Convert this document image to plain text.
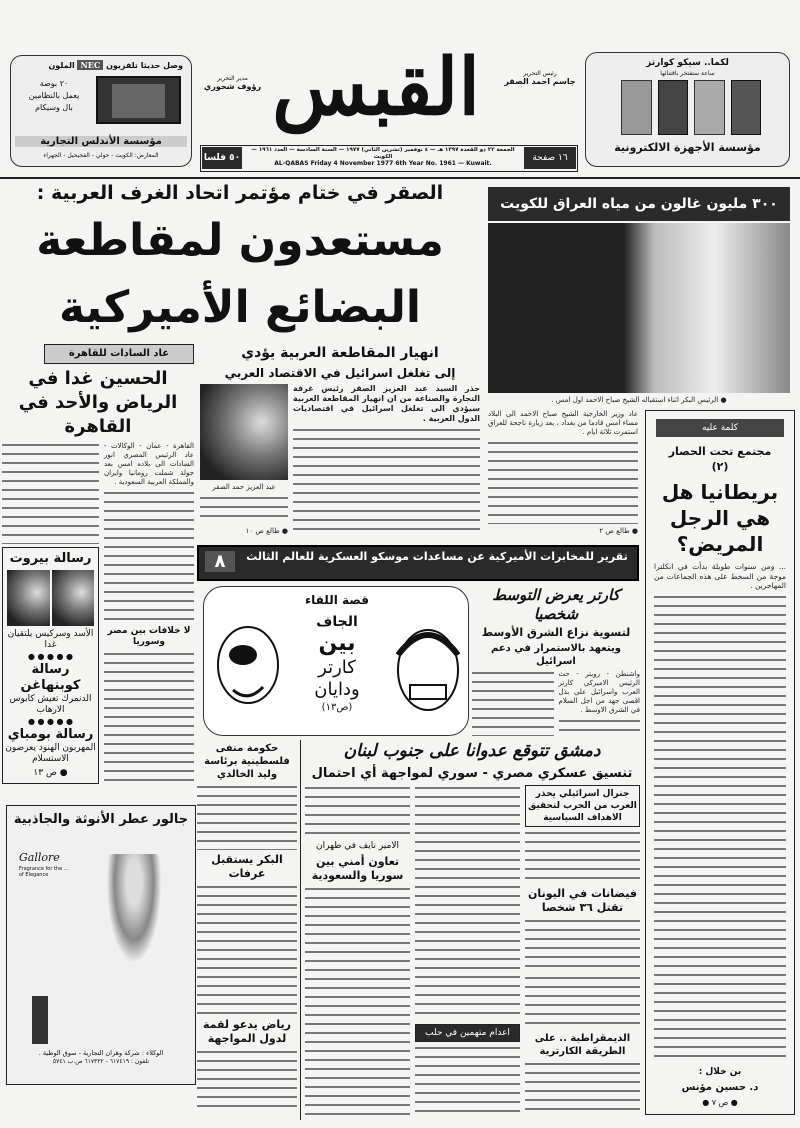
وصل حديثا تلفزيون NEC الملون
٢٠ بوصة
يعمل بالنظامين
بال وسيكام
مؤسسة الأندلس التجارية
المعارض: الكويت - حولي - الفحيحيل - الجهراء
القبس	رئيس التحرير
جاسم احمد الصقر
مدير التحرير
رؤوف شحوري
١٦ صفحة
٥٠ فلسا
الجمعة ٢٢ ذو القعدة ١٣٩٧ هـ — ٤ نوفمبر (تشرين الثاني) ١٩٧٧ — السنة السادسة — العدد ١٩٦١ — الكويت
AL-QABAS Friday 4 November 1977 6th Year No. 1961 — Kuwait.
لكما.. سيكو كوارتز
ساعة ستفتخر باقتنائها
مؤسسة الأجهزة الالكترونية
الصقر في ختام مؤتمر اتحاد الغرف العربية :
مستعدون لمقاطعة
البضائع الأميركية
انهيار المقاطعة العربية يؤدي
إلى تغلغل اسرائيل في الاقتصاد العربي
حذر السيد عبد العزيز الصقر رئيس غرفة التجارة والصناعة من ان انهيار المقاطعة العربية سيؤدي الى تغلغل اسرائيل في اقتصاديات الدول العربية .
عبد العزيز حمد الصقر
● طالع ص ١٠
٣٠٠ مليون غالون من مياه العراق للكويت
● الرئيس البكر اثناء استقباله الشيخ صباح الاحمد اول امس .
عاد وزير الخارجية الشيخ صباح الاحمد الى البلاد مساء امس قادما من بغداد ، بعد زيارة ناجحة للعراق استمرت ثلاثة ايام .
● طالع ص ٢
عاد السادات للقاهرة
الحسين غدا في الرياض والأحد في القاهرة
القاهرة - عمان - الوكالات - عاد الرئيس المصري انور السادات الى بلاده امس بعد جولة شملت رومانيا وايران والمملكة العربية السعودية .
لا خلافات بين مصر وسوريا
رسالة بيروت
الأسد وسركيس يلتقيان غدا
● ● ● ● ●
رسالة كوبنهاغن
الدنمرك تعيش كابوس الارهاب
● ● ● ● ●
رسالة بومباي
المهربون الهنود يعرضون الاستسلام
● ص ١٣
جالور عطر الأنوثة والجاذبية
Gallore
Fragrance for the ... of Elegance
الوكلاء : شركة وهران التجارية - سوق الوطية .
تلفون : ٦١٧٤١٩ - ٦١٧٣٣٢ ص.ب ٥٧٤١
تقرير للمخابرات الأميركية عن مساعدات موسكو العسكرية للعالم الثالث
٨
قصة اللقاء
الجاف
بين
كارتر
ودايان
(ص١٣)
كارتر يعرض التوسط شخصيا
لتسوية نزاع الشرق الأوسط
ويتعهد بالاستمرار في دعم اسرائيل
واشنطن - رويتر - حث الرئيس الاميركي كارتر العرب واسرائيل على بذل اقصى جهد من اجل السلام في الشرق الاوسط .
حكومة منفى فلسطينية برئاسة وليد الخالدي
البكر يستقبل عرفات
رياض يدعو لقمة لدول المواجهة
دمشق تتوقع عدوانا على جنوب لبنان
تنسيق عسكري مصري - سوري لمواجهة أي احتمال
جنرال اسرائيلي يحذر العرب من الحرب لتحقيق الاهداف السياسية
فيضانات في اليونان تقتل ٣٦ شخصا
الديمقراطية .. على الطريقة الكارترية
اعدام متهمين في حلب
الامير نايف في طهران
تعاون أمني بين سوريا والسعودية
كلمة عليه
مجتمع تحت الحصار (٢)
بريطانيا هل هي الرجل المريض؟
... ومن سنوات طويلة بدأت في انكلترا موجة من السخط على هذه الجماعات من المهاجرين .
بن خلال :
د. حسين مؤنس
● ص ٧ ●
